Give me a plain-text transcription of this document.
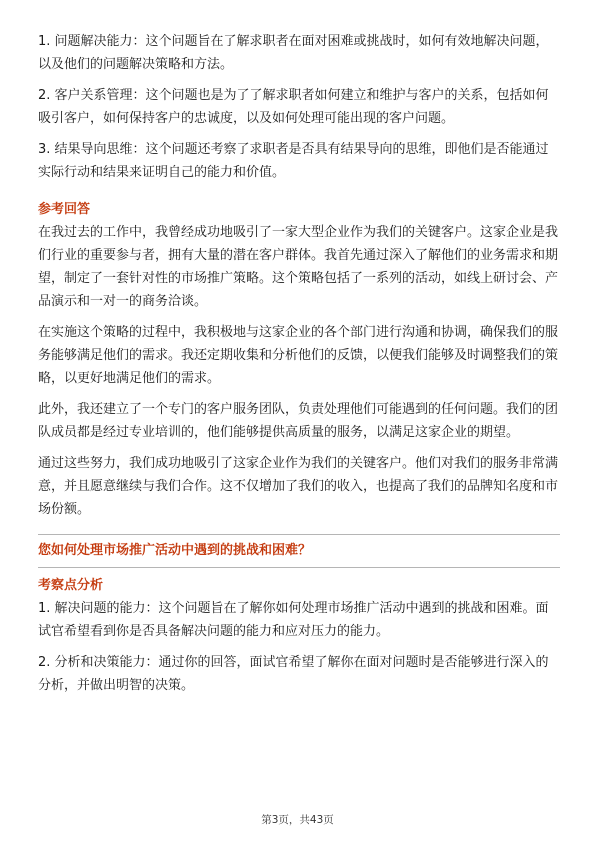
1. 问题解决能力：这个问题旨在了解求职者在面对困难或挑战时，如何有效地解决问题，以及他们的问题解决策略和方法。

2. 客户关系管理：这个问题也是为了了解求职者如何建立和维护与客户的关系，包括如何吸引客户，如何保持客户的忠诚度，以及如何处理可能出现的客户问题。

3. 结果导向思维：这个问题还考察了求职者是否具有结果导向的思维，即他们是否能通过实际行动和结果来证明自己的能力和价值。

参考回答

在我过去的工作中，我曾经成功地吸引了一家大型企业作为我们的关键客户。这家企业是我们行业的重要参与者，拥有大量的潜在客户群体。我首先通过深入了解他们的业务需求和期望，制定了一套针对性的市场推广策略。这个策略包括了一系列的活动，如线上研讨会、产品演示和一对一的商务洽谈。

在实施这个策略的过程中，我积极地与这家企业的各个部门进行沟通和协调，确保我们的服务能够满足他们的需求。我还定期收集和分析他们的反馈，以便我们能够及时调整我们的策略，以更好地满足他们的需求。

此外，我还建立了一个专门的客户服务团队，负责处理他们可能遇到的任何问题。我们的团队成员都是经过专业培训的，他们能够提供高质量的服务，以满足这家企业的期望。

通过这些努力，我们成功地吸引了这家企业作为我们的关键客户。他们对我们的服务非常满意，并且愿意继续与我们合作。这不仅增加了我们的收入，也提高了我们的品牌知名度和市场份额。

您如何处理市场推广活动中遇到的挑战和困难？

考察点分析

1. 解决问题的能力：这个问题旨在了解你如何处理市场推广活动中遇到的挑战和困难。面试官希望看到你是否具备解决问题的能力和应对压力的能力。

2. 分析和决策能力：通过你的回答，面试官希望了解你在面对问题时是否能够进行深入的分析，并做出明智的决策。

第3页，共43页
